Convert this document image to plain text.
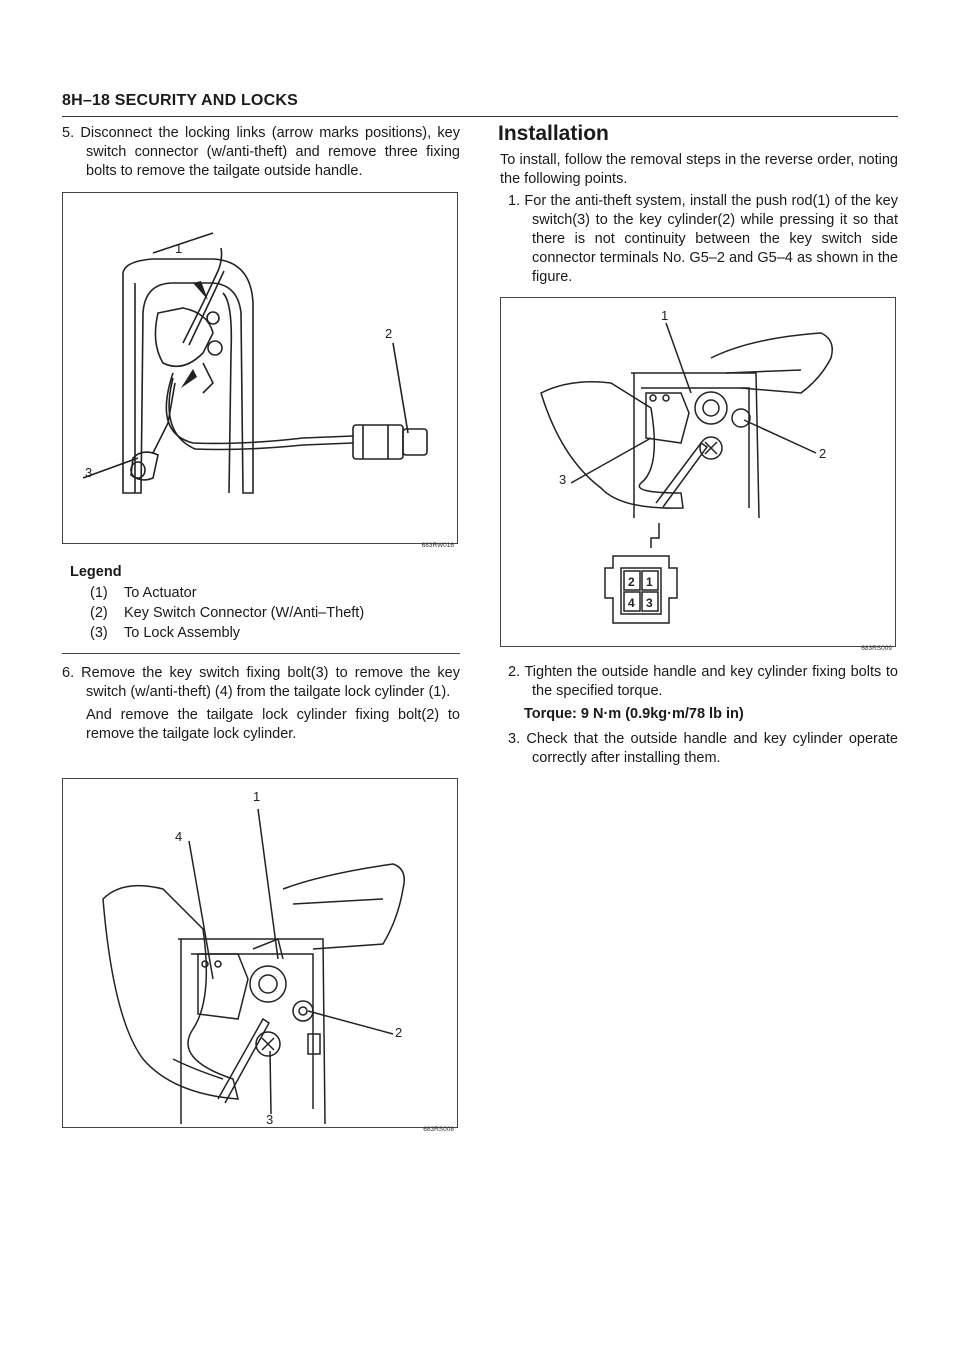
8H–18 SECURITY AND LOCKS

5. Disconnect the locking links (arrow marks positions), key switch connector (w/anti-theft) and remove three fixing bolts to remove the tailgate outside handle.

1
2
3
683RW016
Legend
(1) To Actuator
(2) Key Switch Connector (W/Anti–Theft)
(3) To Lock Assembly

6. Remove the key switch fixing bolt(3) to remove the key switch (w/anti-theft) (4) from the tailgate lock cylinder (1).

And remove the tailgate lock cylinder fixing bolt(2) to remove the tailgate lock cylinder.

1
2
3
4
683RS008
Installation

To install, follow the removal steps in the reverse order, noting the following points.

1. For the anti-theft system, install the push rod(1) of the key switch(3) to the key cylinder(2) while pressing it so that there is not continuity between the key switch side connector terminals No. G5–2 and G5–4 as shown in the figure.

1
2
3
2 1
4 3
683RS009

2. Tighten the outside handle and key cylinder fixing bolts to the specified torque.

Torque: 9 N·m (0.9kg·m/78 lb in)

3. Check that the outside handle and key cylinder operate correctly after installing them.
